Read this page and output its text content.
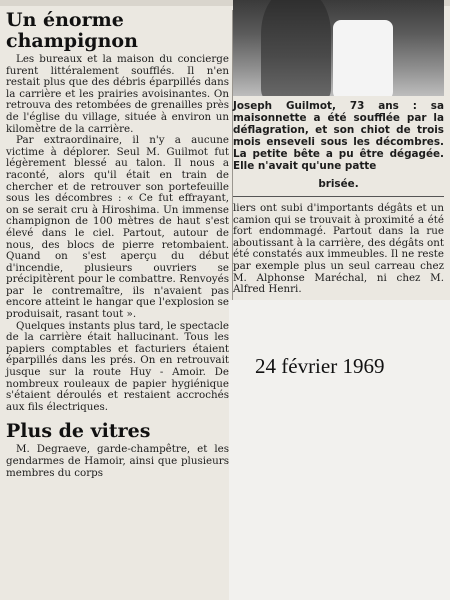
Un énorme champignon

Les bureaux et la maison du concierge furent littéralement soufflés. Il n'en restait plus que des débris éparpillés dans la carrière et les prairies avoisinantes. On retrouva des retombées de grenailles près de l'église du village, située à environ un kilomètre de la carrière.

Par extraordinaire, il n'y a aucune victime à déplorer. Seul M. Guilmot fut légèrement blessé au talon. Il nous a raconté, alors qu'il était en train de chercher et de retrouver son portefeuille sous les décombres : « Ce fut effrayant, on se serait cru à Hiroshima. Un immense champignon de 100 mètres de haut s'est élevé dans le ciel. Partout, autour de nous, des blocs de pierre retombaient. Quand on s'est aperçu du début d'incendie, plusieurs ouvriers se précipitèrent pour le combattre. Renvoyés par le contremaître, ils n'avaient pas encore atteint le hangar que l'explosion se produisait, rasant tout ».

Quelques instants plus tard, le spectacle de la carrière était hallucinant. Tous les papiers comptables et facturiers étaient éparpillés dans les prés. On en retrouvait jusque sur la route Huy - Amoir. De nombreux rouleaux de papier hygiénique s'étaient déroulés et restaient accrochés aux fils électriques.

Plus de vitres

M. Degraeve, garde-champêtre, et les gendarmes de Hamoir, ainsi que plusieurs membres du corps

Joseph Guilmot, 73 ans : sa maisonnette a été soufflée par la déflagration, et son chiot de trois mois enseveli sous les décombres. La petite bête a pu être dégagée. Elle n'avait qu'une patte

brisée.

liers ont subi d'importants dégâts et un camion qui se trouvait à proximité a été fort endommagé. Partout dans la rue aboutissant à la carrière, des dégâts ont été constatés aux immeubles. Il ne reste par exemple plus un seul carreau chez M. Alphonse Maréchal, ni chez M. Alfred Henri.

24 février 1969
